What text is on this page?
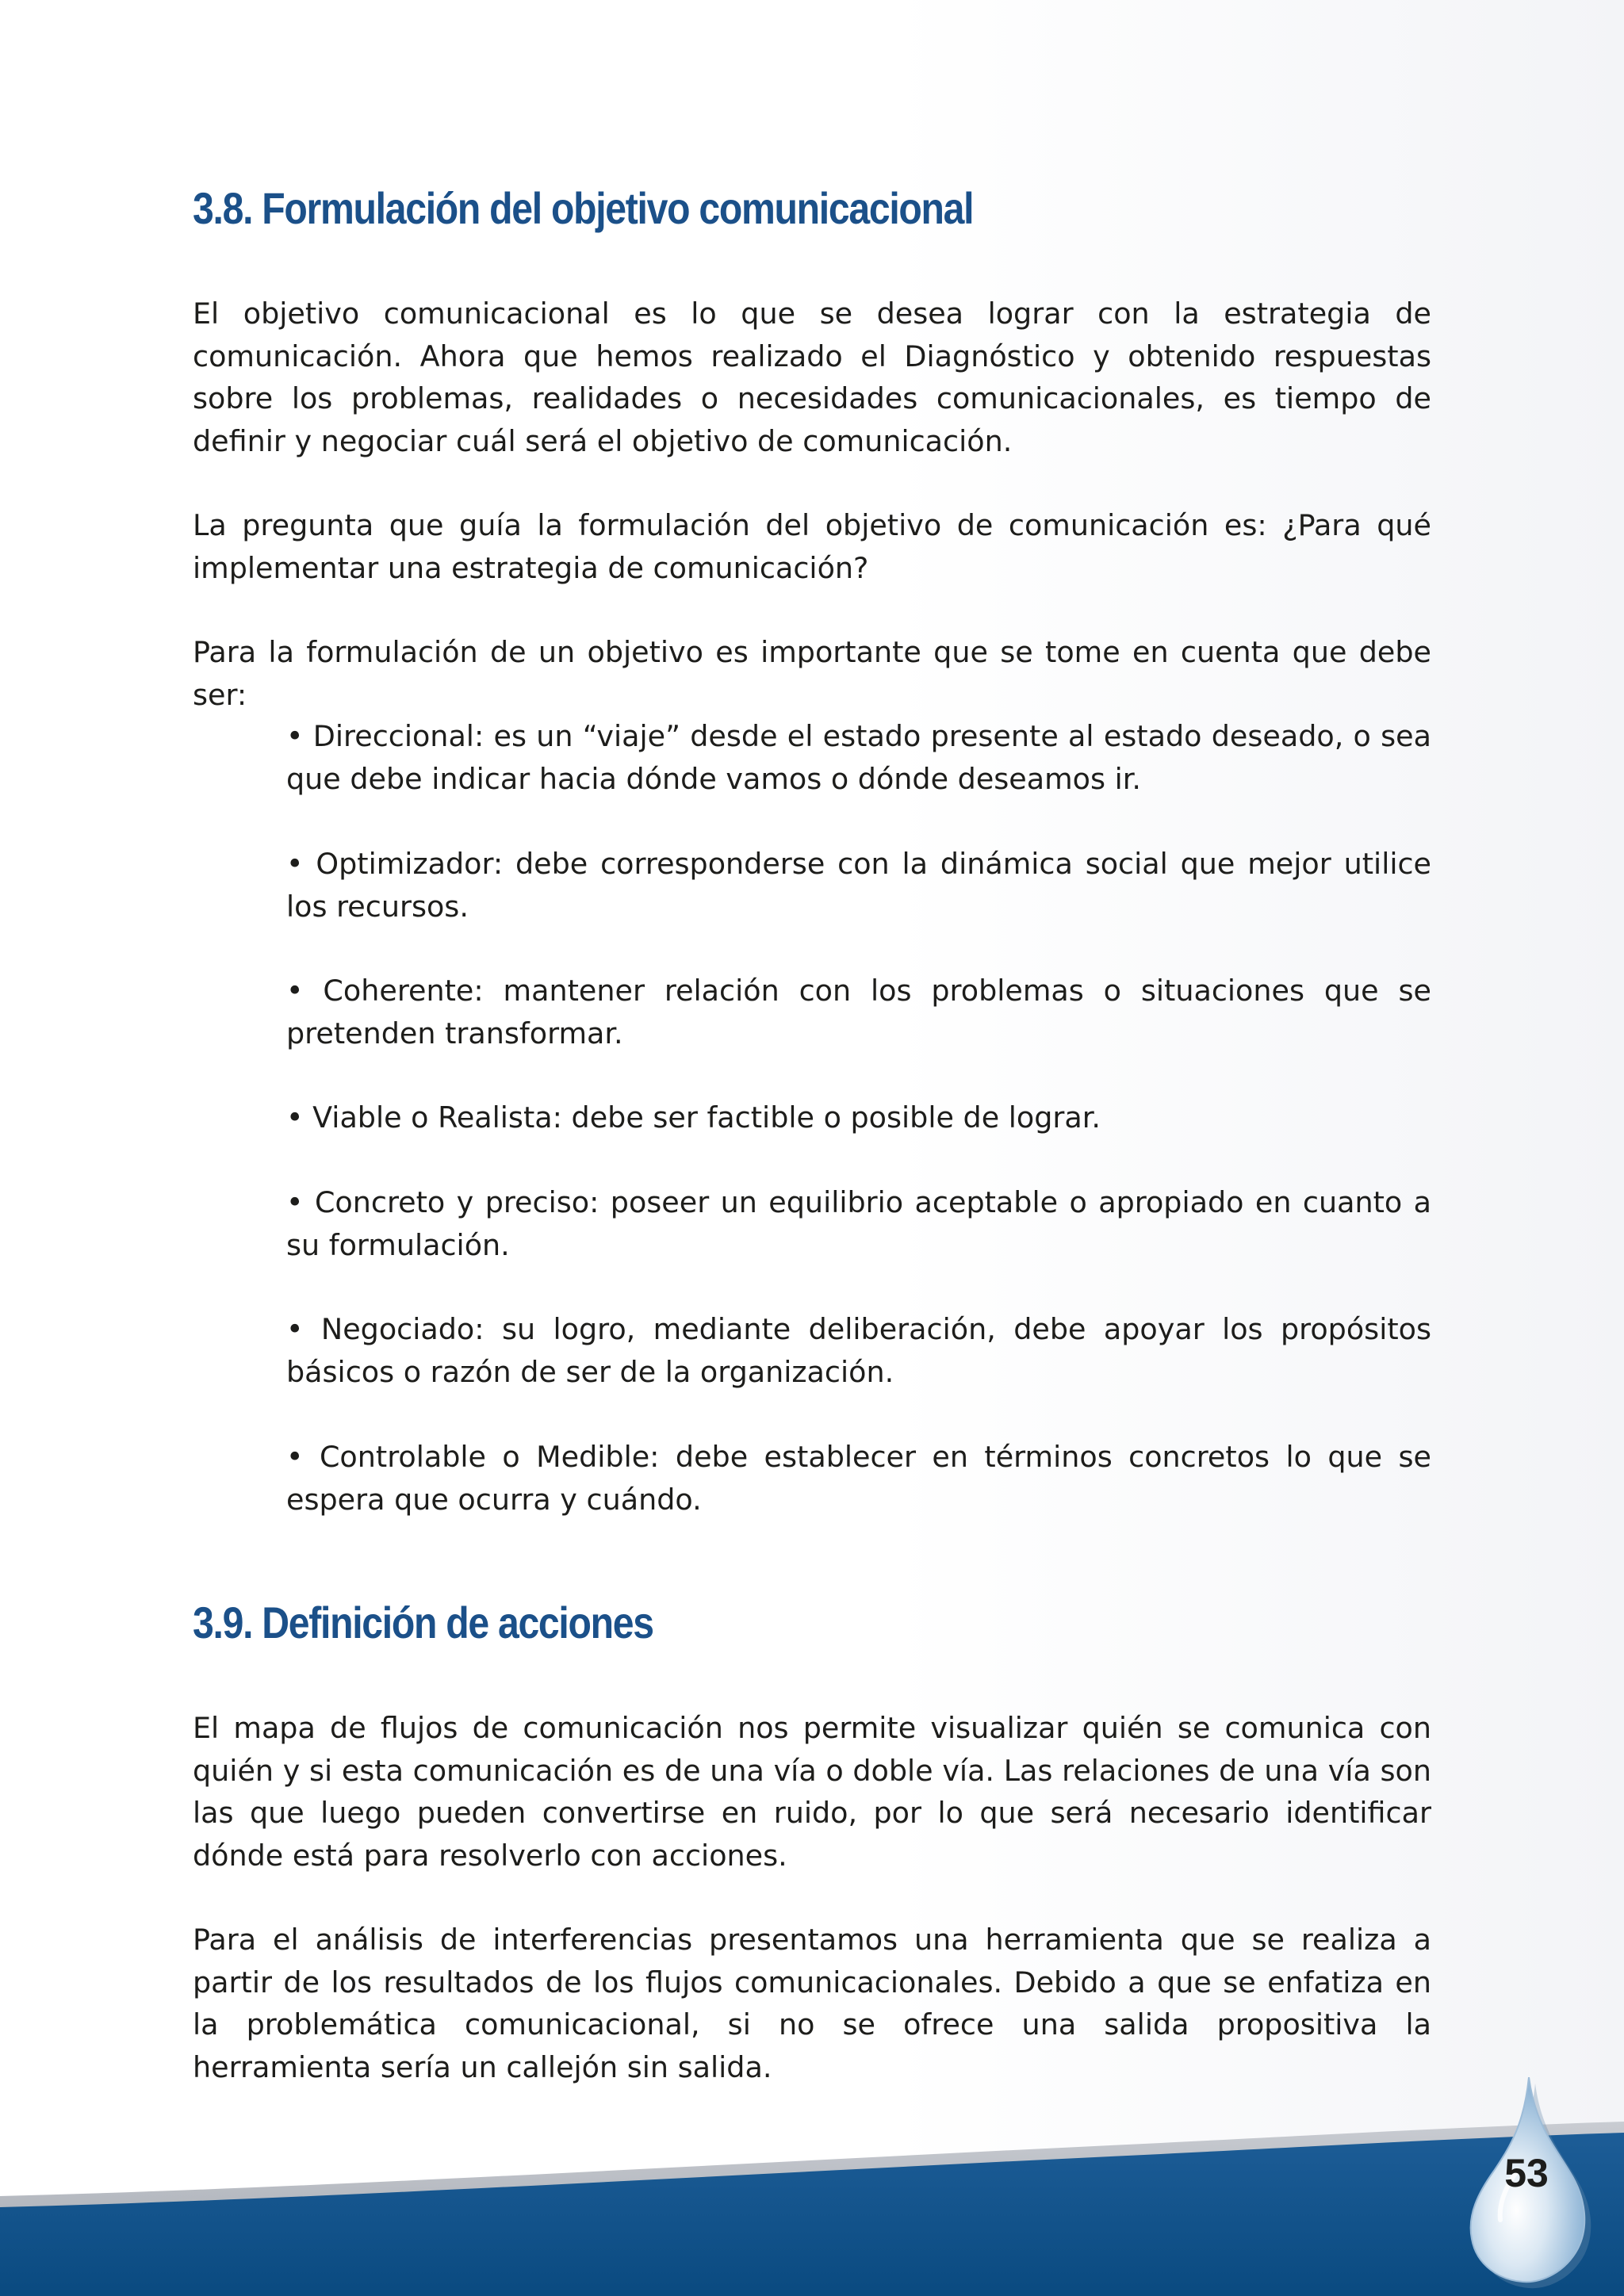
3.8. Formulación del objetivo comunicacional

El objetivo comunicacional es lo que se desea lograr con la estrategia de comunicación. Ahora que hemos realizado el Diagnóstico y obtenido respuestas sobre los problemas, realidades o necesidades comunicacionales, es tiempo de definir y negociar cuál será el objetivo de comunicación.

La pregunta que guía la formulación del objetivo de comunicación es: ¿Para qué implementar una estrategia de comunicación?

Para la formulación de un objetivo es importante que se tome en cuenta que debe ser:

• Direccional: es un “viaje” desde el estado presente al estado deseado, o sea que debe indicar hacia dónde vamos o dónde deseamos ir.

• Optimizador: debe corresponderse con la dinámica social que mejor utilice los recursos.

• Coherente: mantener relación con los problemas o situaciones que se pretenden transformar.

• Viable o Realista: debe ser factible o posible de lograr.

• Concreto y preciso: poseer un equilibrio aceptable o apropiado en cuanto a su formulación.

• Negociado: su logro, mediante deliberación, debe apoyar los propósitos básicos o razón de ser de la organización.

• Controlable o Medible: debe establecer en términos concretos lo que se espera que ocurra y cuándo.

3.9. Definición de acciones

El mapa de flujos de comunicación nos permite visualizar quién se comunica con quién y si esta comunicación es de una vía o doble vía. Las relaciones de una vía son las que luego pueden convertirse en ruido, por lo que será necesario identificar dónde está para resolverlo con acciones.

Para el análisis de interferencias presentamos una herramienta que se realiza a partir de los resultados de los flujos comunicacionales. Debido a que se enfatiza en la problemática comunicacional, si no se ofrece una salida propositiva la herramienta sería un callejón sin salida.

53
